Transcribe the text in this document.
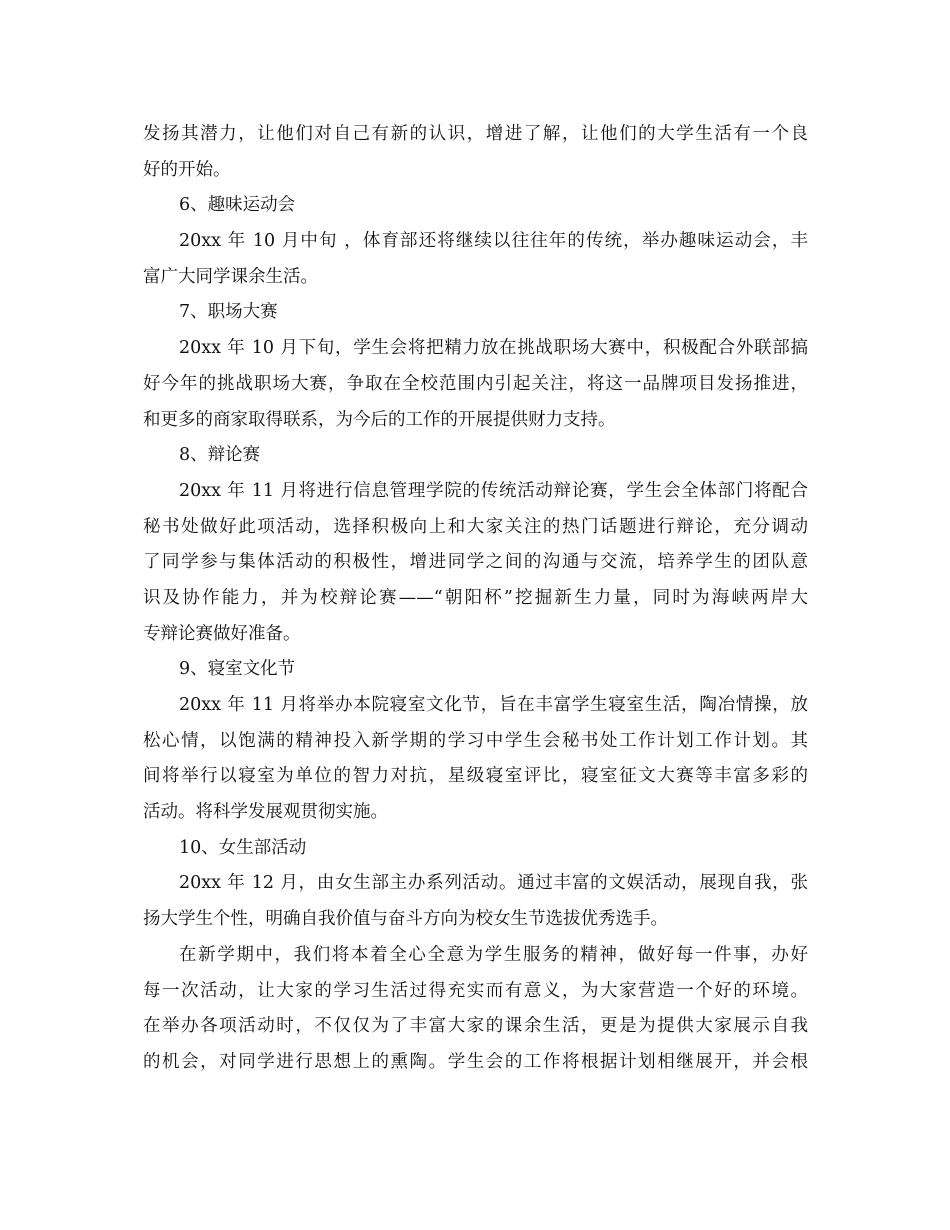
发扬其潜力，让他们对自己有新的认识，增进了解，让他们的大学生活有一个良
好的开始。
6、趣味运动会
20xx 年 10 月中旬 ，体育部还将继续以往往年的传统，举办趣味运动会，丰
富广大同学课余生活。
7、职场大赛
20xx 年 10 月下旬，学生会将把精力放在挑战职场大赛中，积极配合外联部搞
好今年的挑战职场大赛，争取在全校范围内引起关注，将这一品牌项目发扬推进，
和更多的商家取得联系，为今后的工作的开展提供财力支持。
8、辩论赛
20xx 年 11 月将进行信息管理学院的传统活动辩论赛，学生会全体部门将配合
秘书处做好此项活动，选择积极向上和大家关注的热门话题进行辩论，充分调动
了同学参与集体活动的积极性，增进同学之间的沟通与交流，培养学生的团队意
识及协作能力，并为校辩论赛——“朝阳杯”挖掘新生力量，同时为海峡两岸大
专辩论赛做好准备。
9、寝室文化节
20xx 年 11 月将举办本院寝室文化节，旨在丰富学生寝室生活，陶冶情操，放
松心情，以饱满的精神投入新学期的学习中学生会秘书处工作计划工作计划。其
间将举行以寝室为单位的智力对抗，星级寝室评比，寝室征文大赛等丰富多彩的
活动。将科学发展观贯彻实施。
10、女生部活动
20xx 年 12 月，由女生部主办系列活动。通过丰富的文娱活动，展现自我，张
扬大学生个性，明确自我价值与奋斗方向为校女生节选拔优秀选手。
在新学期中，我们将本着全心全意为学生服务的精神，做好每一件事，办好
每一次活动，让大家的学习生活过得充实而有意义，为大家营造一个好的环境。
在举办各项活动时，不仅仅为了丰富大家的课余生活，更是为提供大家展示自我
的机会，对同学进行思想上的熏陶。学生会的工作将根据计划相继展开，并会根
